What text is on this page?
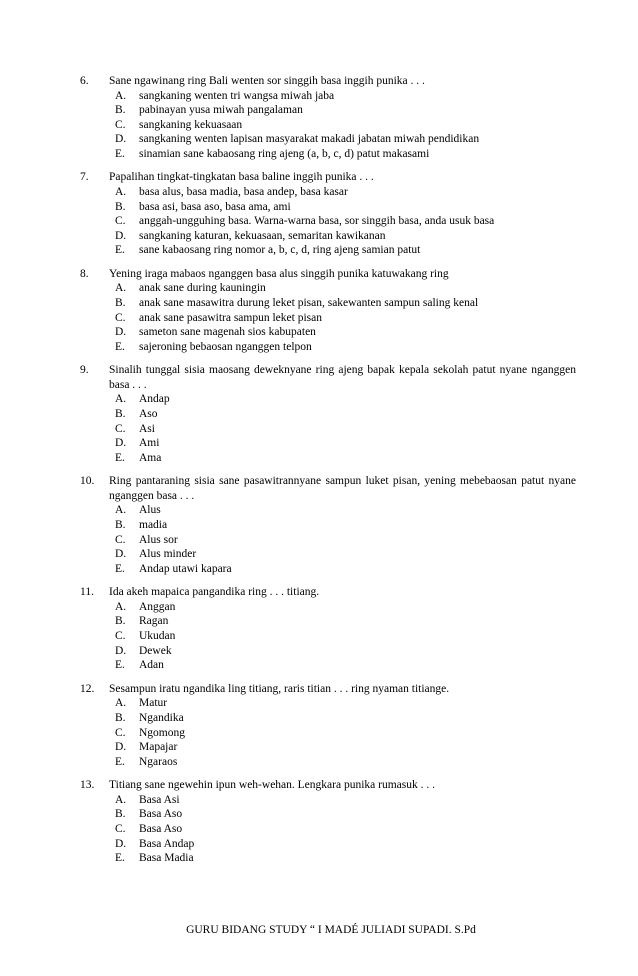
6.	Sane ngawinang ring Bali wenten sor singgih basa inggih punika . . .
A.	sangkaning wenten tri wangsa miwah jaba
B.	pabinayan yusa miwah pangalaman
C.	sangkaning kekuasaan
D.	sangkaning wenten lapisan masyarakat makadi jabatan miwah pendidikan
E.	sinamian sane kabaosang ring ajeng (a, b, c, d) patut makasami
7.	Papalihan tingkat-tingkatan basa baline inggih punika . . .
A.	basa alus, basa madia, basa andep, basa kasar
B.	basa asi, basa aso, basa ama, ami
C.	anggah-ungguhing basa. Warna-warna basa, sor singgih basa, anda usuk basa
D.	sangkaning katuran, kekuasaan, semaritan kawikanan
E.	sane kabaosang ring nomor a, b, c, d, ring ajeng samian patut
8.	Yening iraga mabaos nganggen basa alus singgih punika katuwakang ring
A.	anak sane during kauningin
B.	anak sane masawitra durung leket pisan, sakewanten sampun saling kenal
C.	anak sane pasawitra sampun leket pisan
D.	sameton sane magenah sios kabupaten
E.	sajeroning bebaosan nganggen telpon
9.	Sinalih tunggal sisia maosang deweknyane ring ajeng bapak kepala sekolah patut nyane nganggen basa . . .
A.	Andap
B.	Aso
C.	Asi
D.	Ami
E.	Ama
10.	Ring pantaraning sisia sane pasawitrannyane sampun luket pisan, yening mebebaosan patut nyane nganggen basa . . .
A.	Alus
B.	madia
C.	Alus sor
D.	Alus minder
E.	Andap utawi kapara
11.	Ida akeh mapaica pangandika ring . . . titiang.
A.	Anggan
B.	Ragan
C.	Ukudan
D.	Dewek
E.	Adan
12.	Sesampun iratu ngandika ling titiang, raris titian . . . ring nyaman titiange.
A.	Matur
B.	Ngandika
C.	Ngomong
D.	Mapajar
E.	Ngaraos
13.	Titiang sane ngewehin ipun weh-wehan. Lengkara punika rumasuk . . .
A.	Basa Asi
B.	Basa Aso
C.	Basa Aso
D.	Basa Andap
E.	Basa Madia
GURU BIDANG STUDY “ I MADÉ JULIADI SUPADI. S.Pd
